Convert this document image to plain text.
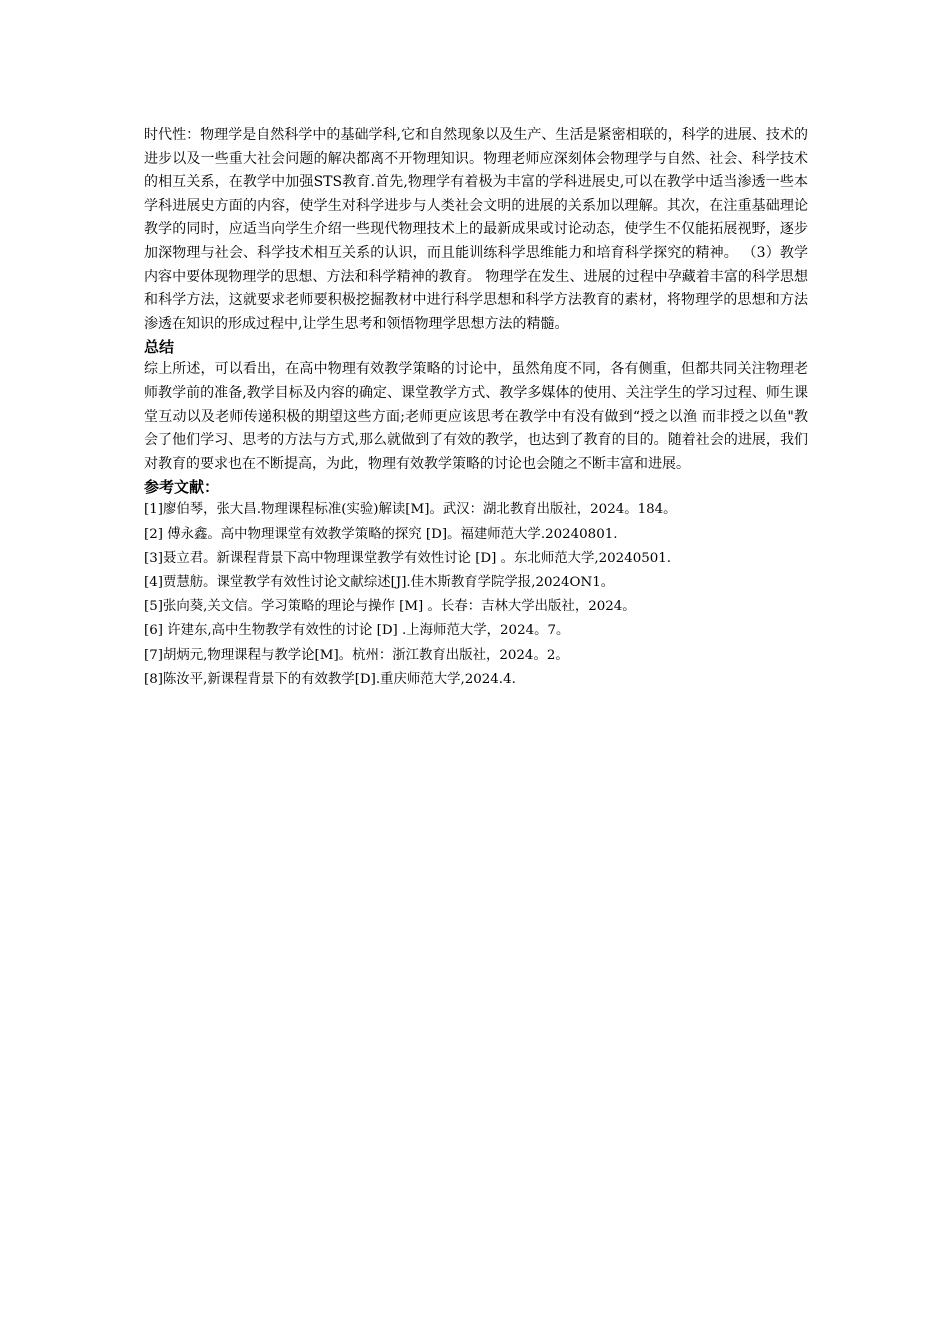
时代性：物理学是自然科学中的基础学科,它和自然现象以及生产、生活是紧密相联的，科学的进展、技术的进步以及一些重大社会问题的解决都离不开物理知识。物理老师应深刻体会物理学与自然、社会、科学技术的相互关系，在教学中加强STS教育.首先,物理学有着极为丰富的学科进展史,可以在教学中适当渗透一些本学科进展史方面的内容，使学生对科学进步与人类社会文明的进展的关系加以理解。其次，在注重基础理论教学的同时，应适当向学生介绍一些现代物理技术上的最新成果或讨论动态，使学生不仅能拓展视野，逐步加深物理与社会、科学技术相互关系的认识，而且能训练科学思维能力和培育科学探究的精神。 （3）教学内容中要体现物理学的思想、方法和科学精神的教育。 物理学在发生、进展的过程中孕藏着丰富的科学思想和科学方法，这就要求老师要积极挖掘教材中进行科学思想和科学方法教育的素材，将物理学的思想和方法渗透在知识的形成过程中,让学生思考和领悟物理学思想方法的精髓。

总结

综上所述，可以看出，在高中物理有效教学策略的讨论中，虽然角度不同，各有侧重，但都共同关注物理老师教学前的准备,教学目标及内容的确定、课堂教学方式、教学多媒体的使用、关注学生的学习过程、师生课堂互动以及老师传递积极的期望这些方面;老师更应该思考在教学中有没有做到“授之以渔 而非授之以鱼"教会了他们学习、思考的方法与方式,那么就做到了有效的教学，也达到了教育的目的。随着社会的进展，我们对教育的要求也在不断提高，为此，物理有效教学策略的讨论也会随之不断丰富和进展。

参考文献：
[1]廖伯琴，张大昌.物理课程标准(实验)解读[M]。武汉：湖北教育出版社，2024。184。
[2] 傅永鑫。高中物理课堂有效教学策略的探究 [D]。福建师范大学.20240801.
[3]聂立君。新课程背景下高中物理课堂教学有效性讨论 [D] 。东北师范大学,20240501.
[4]贾慧舫。课堂教学有效性讨论文献综述[J].佳木斯教育学院学报,2024ON1。
[5]张向葵,关文信。学习策略的理论与操作 [M] 。长春：吉林大学出版社，2024。
[6] 许建东,高中生物教学有效性的讨论 [D] .上海师范大学，2024。7。
[7]胡炳元,物理课程与教学论[M]。杭州：浙江教育出版社，2024。2。
[8]陈汝平,新课程背景下的有效教学[D].重庆师范大学,2024.4.
